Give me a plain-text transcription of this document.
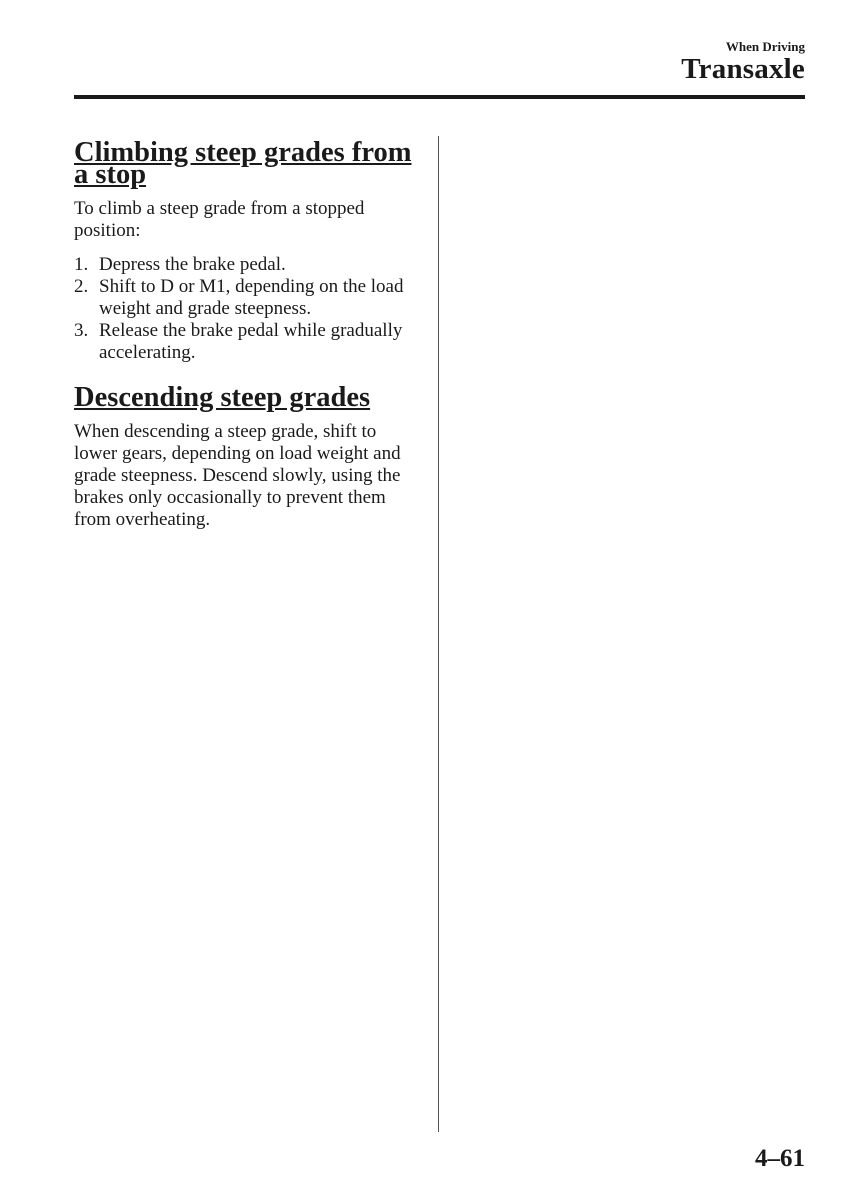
When Driving
Transaxle
Climbing steep grades from a stop

To climb a steep grade from a stopped position:

1. Depress the brake pedal.
2. Shift to D or M1, depending on the load weight and grade steepness.
3. Release the brake pedal while gradually accelerating.
Descending steep grades

When descending a steep grade, shift to lower gears, depending on load weight and grade steepness. Descend slowly, using the brakes only occasionally to prevent them from overheating.

4–61
